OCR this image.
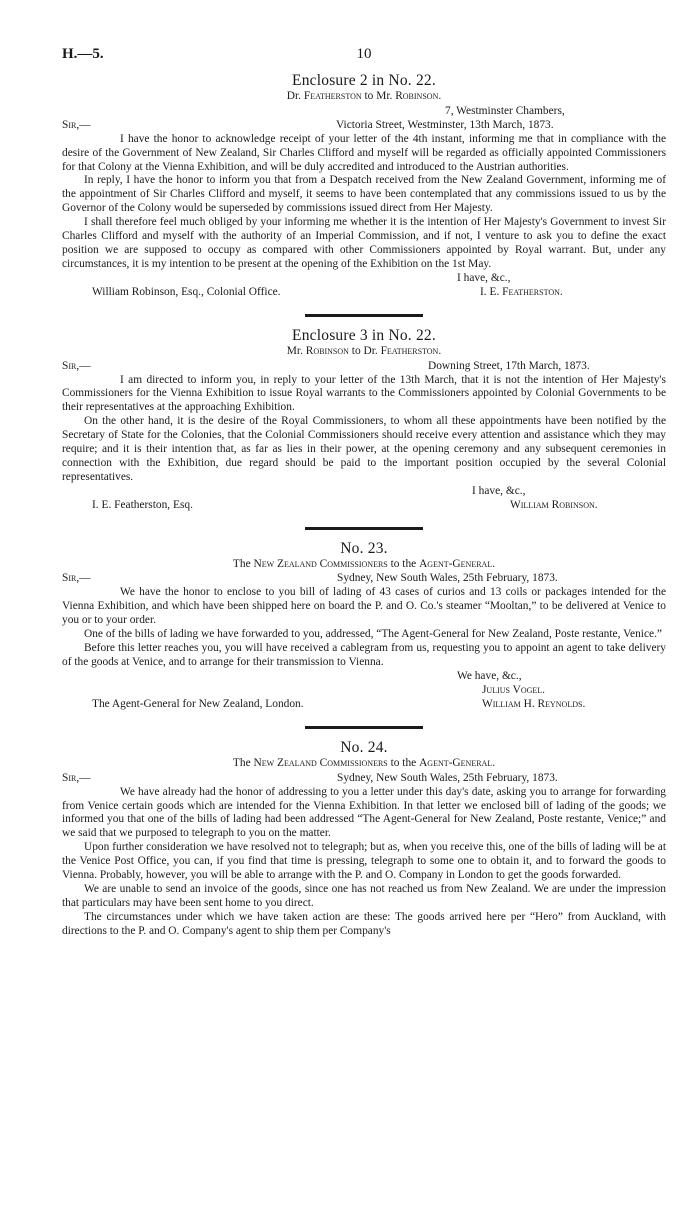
H.—5.	10
Enclosure 2 in No. 22.
Dr. Featherston to Mr. Robinson.
7, Westminster Chambers,
Sir,—	Victoria Street, Westminster, 13th March, 1873.

I have the honor to acknowledge receipt of your letter of the 4th instant, informing me that in compliance with the desire of the Government of New Zealand, Sir Charles Clifford and myself will be regarded as officially appointed Commissioners for that Colony at the Vienna Exhibition, and will be duly accredited and introduced to the Austrian authorities.

In reply, I have the honor to inform you that from a Despatch received from the New Zealand Government, informing me of the appointment of Sir Charles Clifford and myself, it seems to have been contemplated that any commissions issued to us by the Governor of the Colony would be superseded by commissions issued direct from Her Majesty.

I shall therefore feel much obliged by your informing me whether it is the intention of Her Majesty's Government to invest Sir Charles Clifford and myself with the authority of an Imperial Commission, and if not, I venture to ask you to define the exact position we are supposed to occupy as compared with other Commissioners appointed by Royal warrant. But, under any circumstances, it is my intention to be present at the opening of the Exhibition on the 1st May.

I have, &c.,

William Robinson, Esq., Colonial Office.	I. E. Featherston.
Enclosure 3 in No. 22.
Mr. Robinson to Dr. Featherston.
Sir,—	Downing Street, 17th March, 1873.

I am directed to inform you, in reply to your letter of the 13th March, that it is not the intention of Her Majesty's Commissioners for the Vienna Exhibition to issue Royal warrants to the Commissioners appointed by Colonial Governments to be their representatives at the approaching Exhibition.

On the other hand, it is the desire of the Royal Commissioners, to whom all these appointments have been notified by the Secretary of State for the Colonies, that the Colonial Commissioners should receive every attention and assistance which they may require; and it is their intention that, as far as lies in their power, at the opening ceremony and any subsequent ceremonies in connection with the Exhibition, due regard should be paid to the important position occupied by the several Colonial representatives.

I have, &c.,

I. E. Featherston, Esq.	William Robinson.
No. 23.
The New Zealand Commissioners to the Agent-General.
Sir,—	Sydney, New South Wales, 25th February, 1873.

We have the honor to enclose to you bill of lading of 43 cases of curios and 13 coils or packages intended for the Vienna Exhibition, and which have been shipped here on board the P. and O. Co.'s steamer “Mooltan,” to be delivered at Venice to you or to your order.

One of the bills of lading we have forwarded to you, addressed, “The Agent-General for New Zealand, Poste restante, Venice.”

Before this letter reaches you, you will have received a cablegram from us, requesting you to appoint an agent to take delivery of the goods at Venice, and to arrange for their transmission to Vienna.

We have, &c.,

Julius Vogel.
The Agent-General for New Zealand, London.	William H. Reynolds.
No. 24.
The New Zealand Commissioners to the Agent-General.
Sir,—	Sydney, New South Wales, 25th February, 1873.

We have already had the honor of addressing to you a letter under this day's date, asking you to arrange for forwarding from Venice certain goods which are intended for the Vienna Exhibition. In that letter we enclosed bill of lading of the goods; we informed you that one of the bills of lading had been addressed “The Agent-General for New Zealand, Poste restante, Venice;” and we said that we purposed to telegraph to you on the matter.

Upon further consideration we have resolved not to telegraph; but as, when you receive this, one of the bills of lading will be at the Venice Post Office, you can, if you find that time is pressing, telegraph to some one to obtain it, and to forward the goods to Vienna. Probably, however, you will be able to arrange with the P. and O. Company in London to get the goods forwarded.

We are unable to send an invoice of the goods, since one has not reached us from New Zealand. We are under the impression that particulars may have been sent home to you direct.

The circumstances under which we have taken action are these: The goods arrived here per “Hero” from Auckland, with directions to the P. and O. Company's agent to ship them per Company's
